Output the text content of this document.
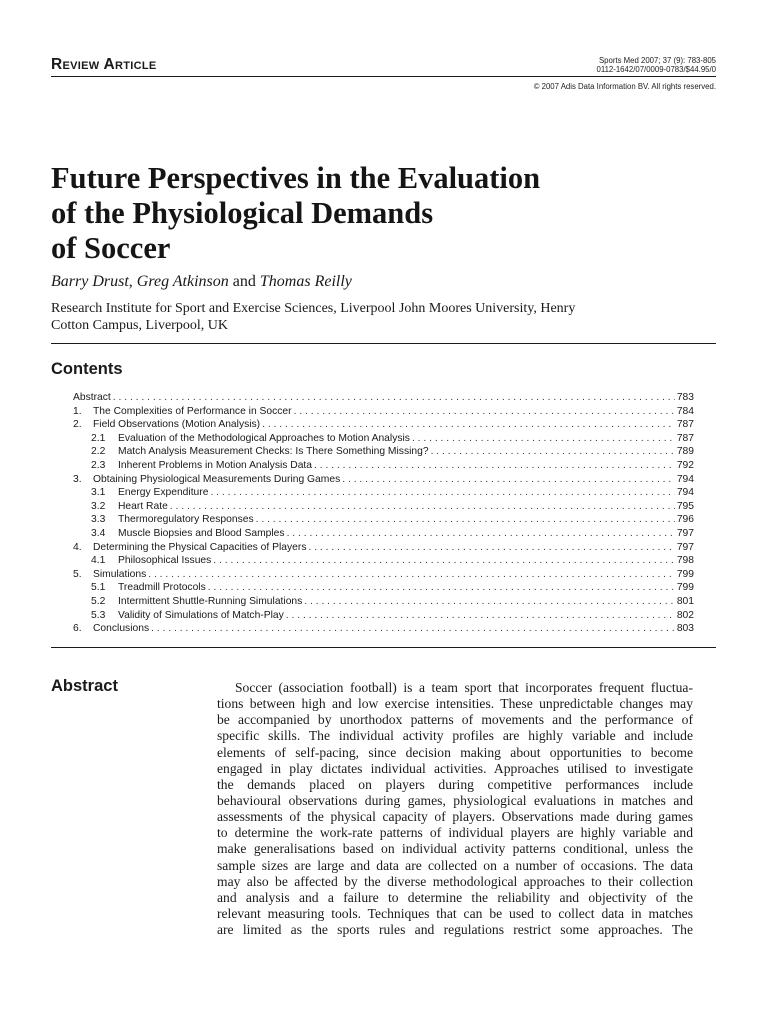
Review Article	Sports Med 2007; 37 (9): 783-805
0112-1642/07/0009-0783/$44.95/0
© 2007 Adis Data Information BV. All rights reserved.
Future Perspectives in the Evaluation
of the Physiological Demands
of Soccer
Barry Drust, Greg Atkinson and Thomas Reilly
Research Institute for Sport and Exercise Sciences, Liverpool John Moores University, Henry
Cotton Campus, Liverpool, UK
Contents
Abstract . . .	783
1.	The Complexities of Performance in Soccer . . .	784
2.	Field Observations (Motion Analysis) . . .	787
2.1	Evaluation of the Methodological Approaches to Motion Analysis . . .	787
2.2	Match Analysis Measurement Checks: Is There Something Missing? . . .	789
2.3	Inherent Problems in Motion Analysis Data . . .	792
3.	Obtaining Physiological Measurements During Games . . .	794
3.1	Energy Expenditure . . .	794
3.2	Heart Rate . . .	795
3.3	Thermoregulatory Responses . . .	796
3.4	Muscle Biopsies and Blood Samples . . .	797
4.	Determining the Physical Capacities of Players . . .	797
4.1	Philosophical Issues . . .	798
5.	Simulations . . .	799
5.1	Treadmill Protocols . . .	799
5.2	Intermittent Shuttle-Running Simulations . . .	801
5.3	Validity of Simulations of Match-Play . . .	802
6.	Conclusions . . .	803
Abstract	Soccer (association football) is a team sport that incorporates frequent fluctua-
tions between high and low exercise intensities. These unpredictable changes may
be accompanied by unorthodox patterns of movements and the performance of
specific skills. The individual activity profiles are highly variable and include
elements of self-pacing, since decision making about opportunities to become
engaged in play dictates individual activities. Approaches utilised to investigate
the demands placed on players during competitive performances include
behavioural observations during games, physiological evaluations in matches and
assessments of the physical capacity of players. Observations made during games
to determine the work-rate patterns of individual players are highly variable and
make generalisations based on individual activity patterns conditional, unless the
sample sizes are large and data are collected on a number of occasions. The data
may also be affected by the diverse methodological approaches to their collection
and analysis and a failure to determine the reliability and objectivity of the
relevant measuring tools. Techniques that can be used to collect data in matches
are limited as the sports rules and regulations restrict some approaches. The
